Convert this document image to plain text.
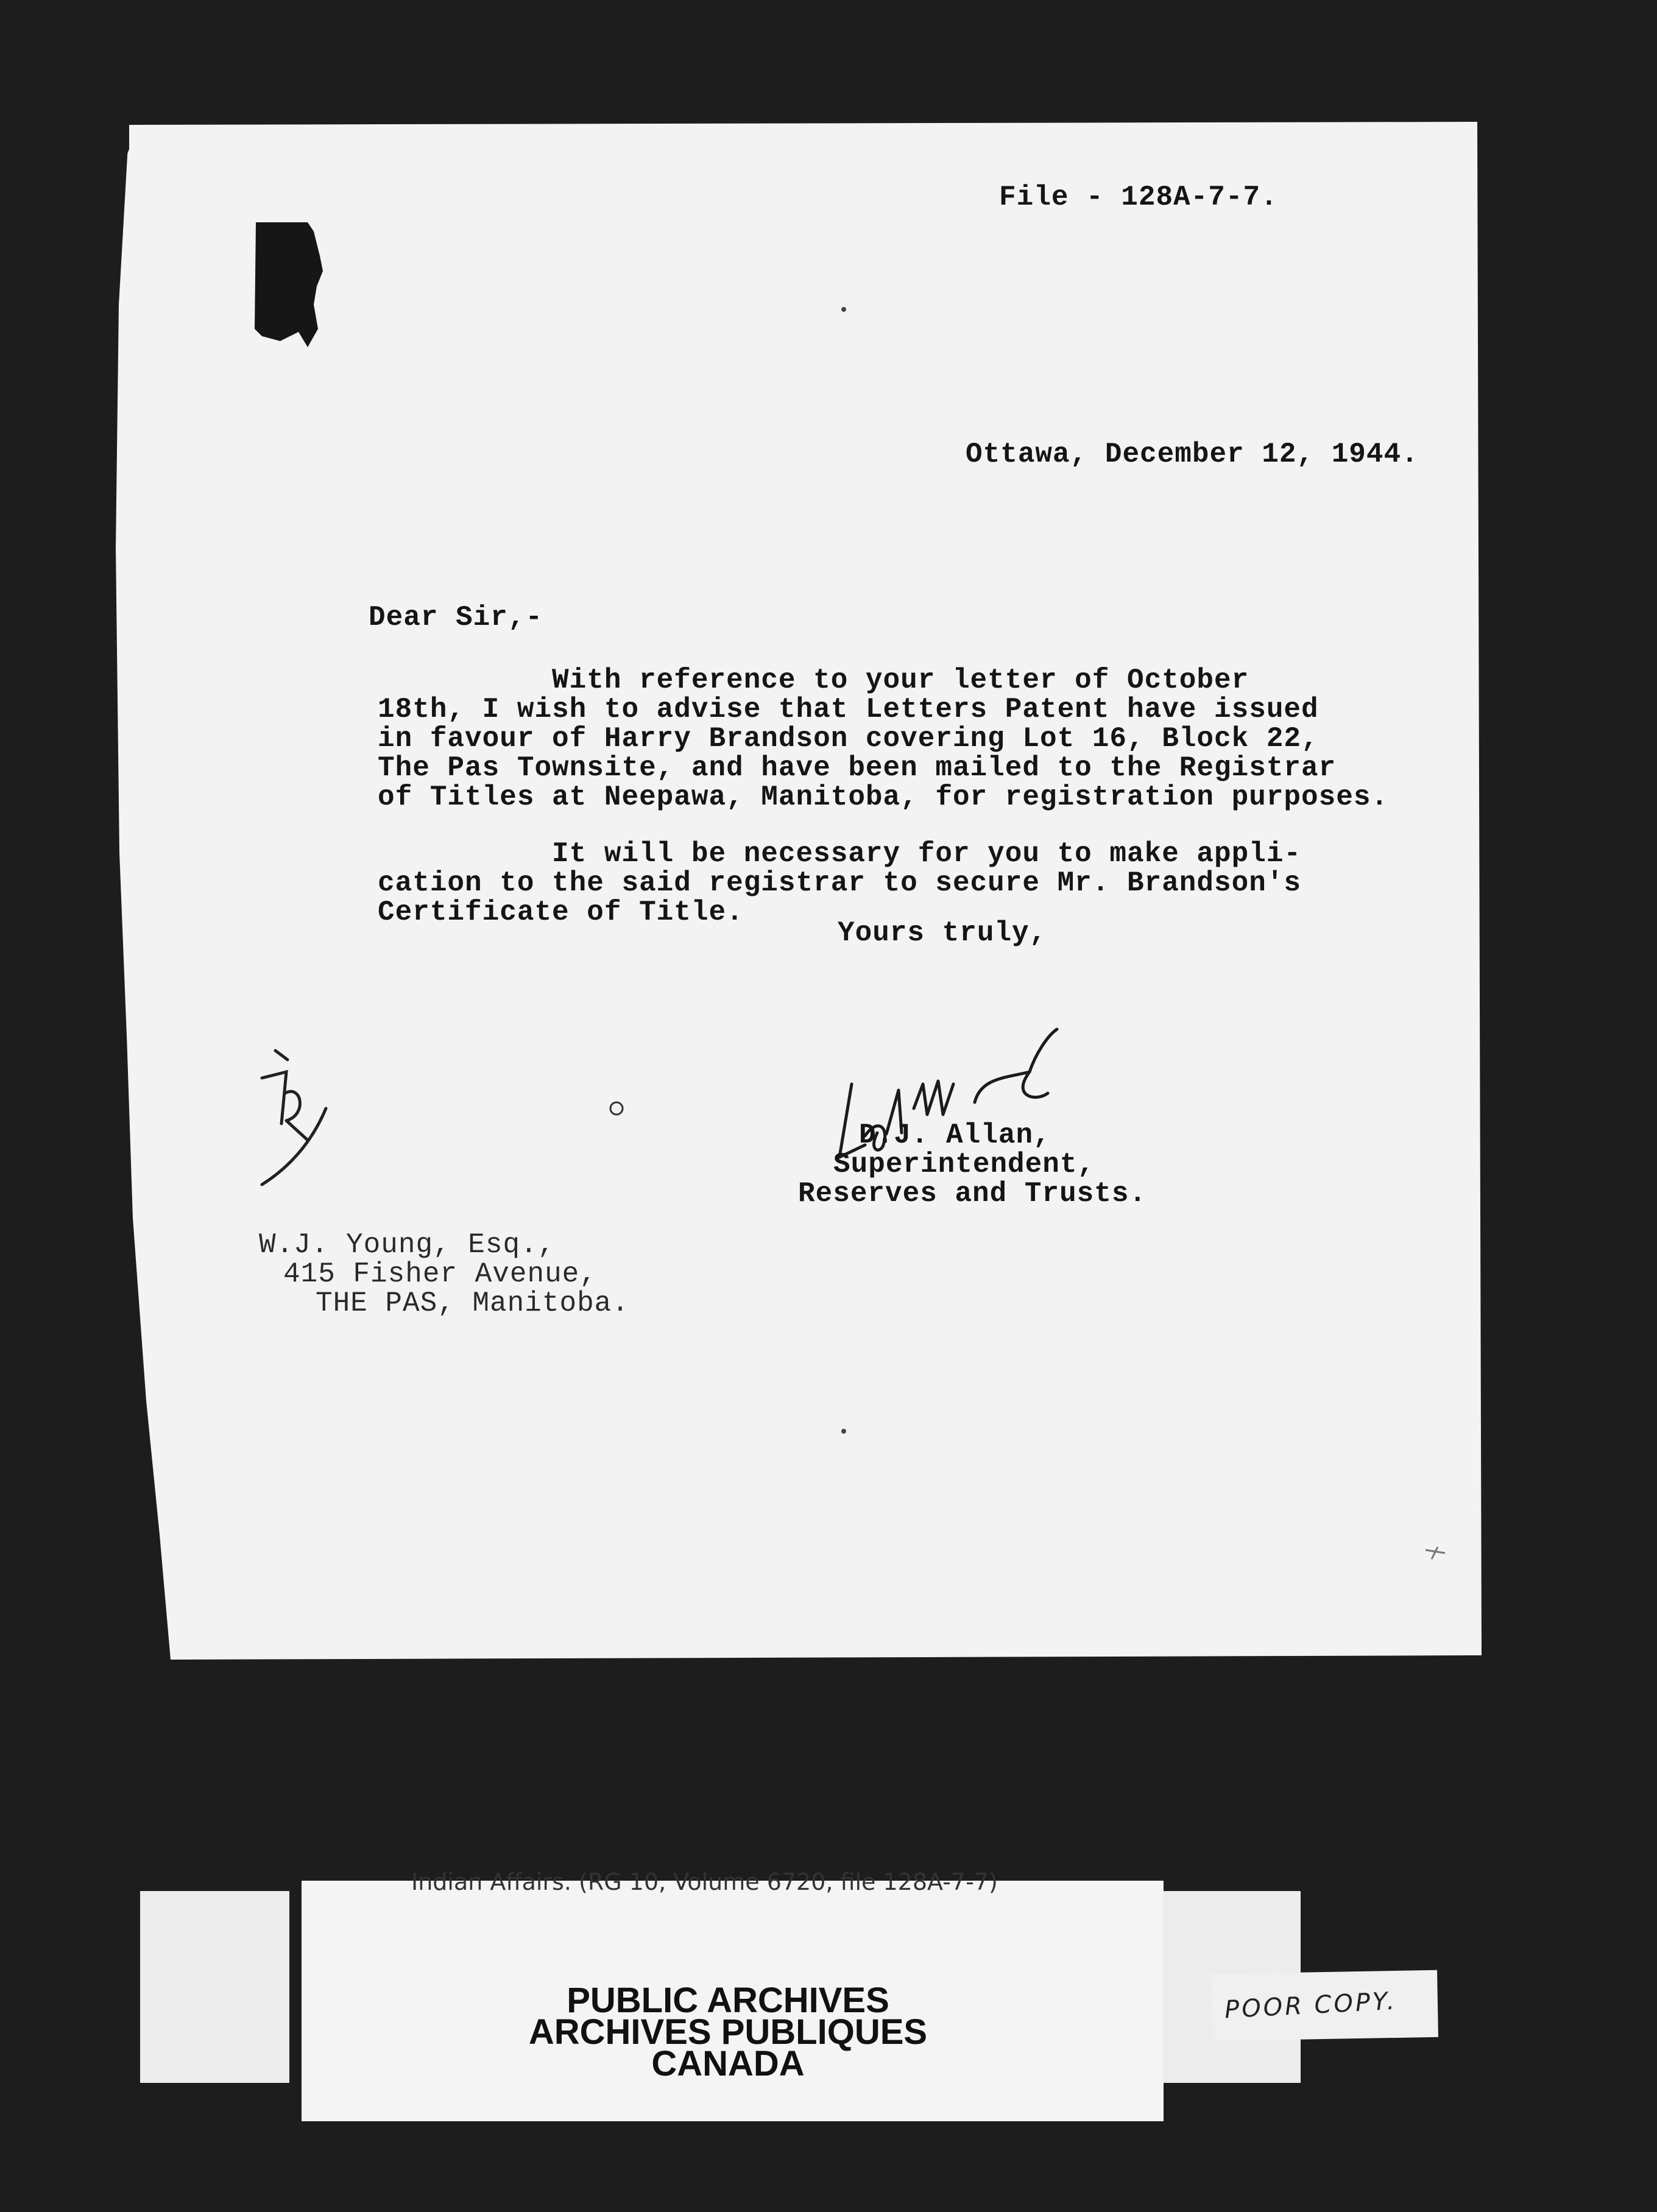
File - 128A-7-7.
Ottawa, December 12, 1944.
Dear Sir,-
With reference to your letter of October
18th, I wish to advise that Letters Patent have issued
in favour of Harry Brandson covering Lot 16, Block 22,
The Pas Townsite, and have been mailed to the Registrar
of Titles at Neepawa, Manitoba, for registration purposes.
It will be necessary for you to make appli-
cation to the said registrar to secure Mr. Brandson's
Certificate of Title.
Yours truly,
D.J. Allan,
Superintendent,
Reserves and Trusts.
W.J. Young, Esq.,
415 Fisher Avenue,
THE PAS, Manitoba.
Indian Affairs. (RG 10, Volume 6720, file 128A-7-7)
PUBLIC ARCHIVES
ARCHIVES PUBLIQUES
CANADA
POOR COPY.
